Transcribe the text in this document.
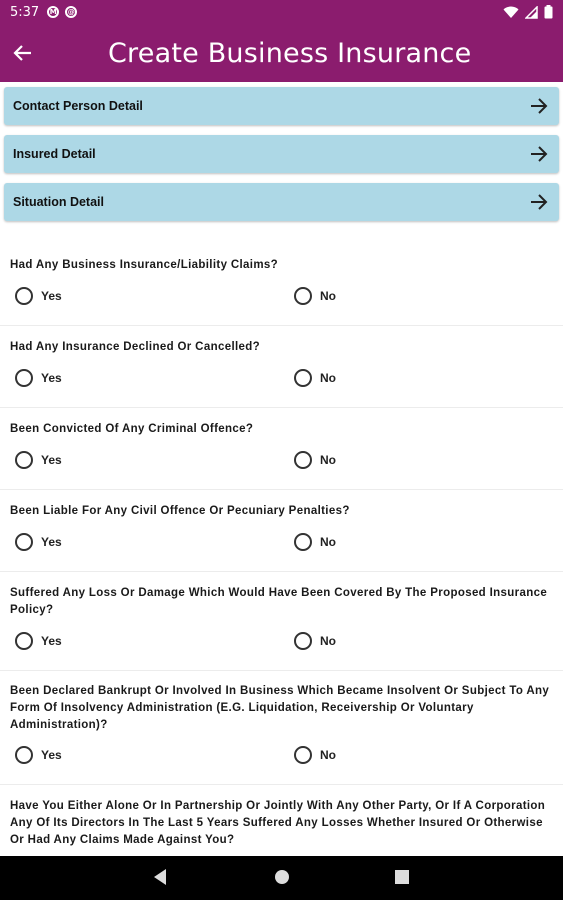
5:37	M	@
Create Business Insurance
Contact Person Detail
Insured Detail
Situation Detail
Had Any Business Insurance/Liability Claims?
Yes	No
Had Any Insurance Declined Or Cancelled?
Yes	No
Been Convicted Of Any Criminal Offence?
Yes	No
Been Liable For Any Civil Offence Or Pecuniary Penalties?
Yes	No
Suffered Any Loss Or Damage Which Would Have Been Covered By The Proposed Insurance Policy?
Yes	No
Been Declared Bankrupt Or Involved In Business Which Became Insolvent Or Subject To Any Form Of Insolvency Administration (E.G. Liquidation, Receivership Or Voluntary Administration)?
Yes	No
Have You Either Alone Or In Partnership Or Jointly With Any Other Party, Or If A Corporation Any Of Its Directors In The Last 5 Years Suffered Any Losses Whether Insured Or Otherwise Or Had Any Claims Made Against You?
